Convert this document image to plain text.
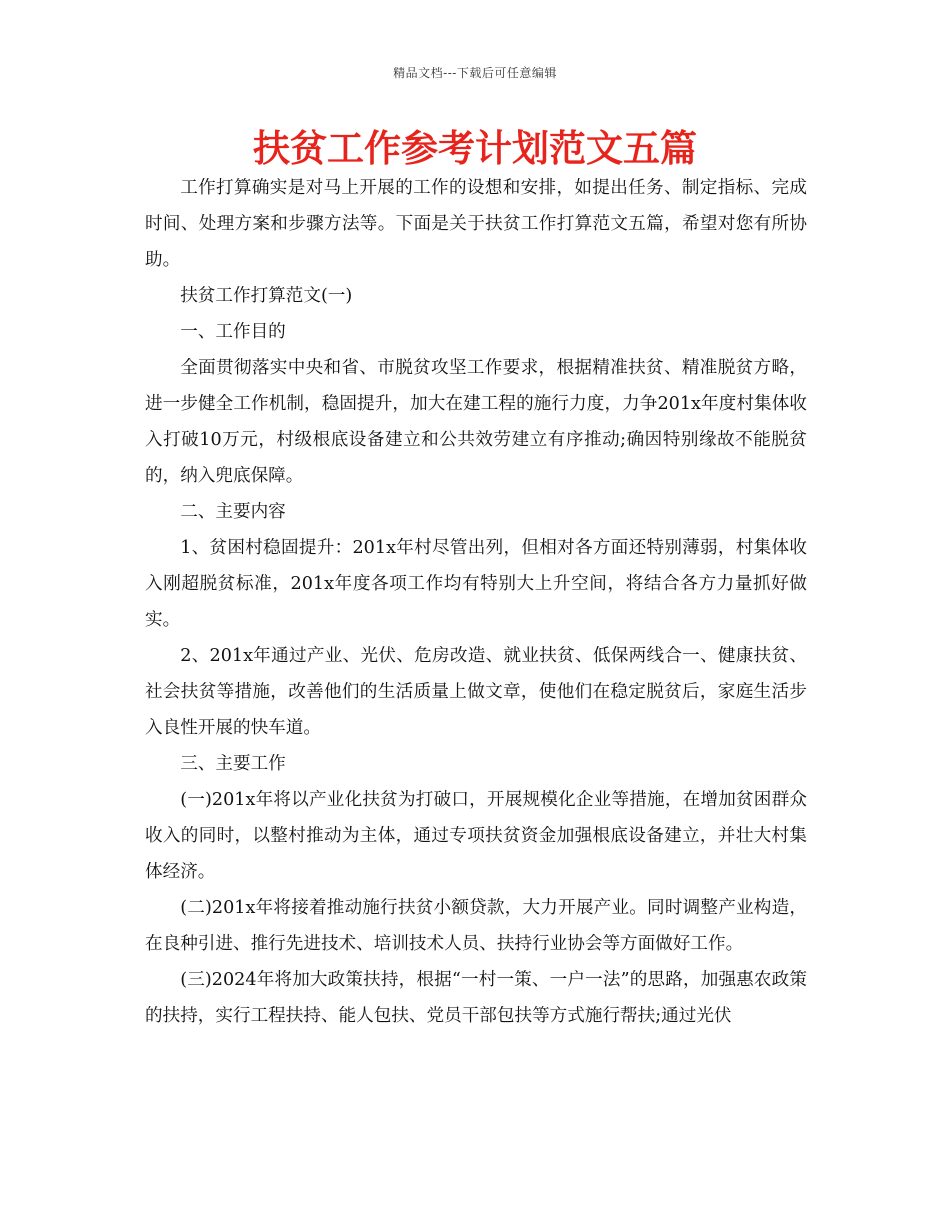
精品文档---下载后可任意编辑
扶贫工作参考计划范文五篇

工作打算确实是对马上开展的工作的设想和安排，如提出任务、制定指标、完成时间、处理方案和步骤方法等。下面是关于扶贫工作打算范文五篇，希望对您有所协助。

扶贫工作打算范文(一)

一、工作目的

全面贯彻落实中央和省、市脱贫攻坚工作要求，根据精准扶贫、精准脱贫方略，进一步健全工作机制，稳固提升，加大在建工程的施行力度，力争201x年度村集体收入打破10万元，村级根底设备建立和公共效劳建立有序推动;确因特别缘故不能脱贫的，纳入兜底保障。

二、主要内容

1、贫困村稳固提升：201x年村尽管出列，但相对各方面还特别薄弱，村集体收入刚超脱贫标准，201x年度各项工作均有特别大上升空间，将结合各方力量抓好做实。

2、201x年通过产业、光伏、危房改造、就业扶贫、低保两线合一、健康扶贫、社会扶贫等措施，改善他们的生活质量上做文章，使他们在稳定脱贫后，家庭生活步入良性开展的快车道。

三、主要工作

(一)201x年将以产业化扶贫为打破口，开展规模化企业等措施，在增加贫困群众收入的同时，以整村推动为主体，通过专项扶贫资金加强根底设备建立，并壮大村集体经济。

(二)201x年将接着推动施行扶贫小额贷款，大力开展产业。同时调整产业构造，在良种引进、推行先进技术、培训技术人员、扶持行业协会等方面做好工作。

(三)2024年将加大政策扶持，根据“一村一策、一户一法”的思路，加强惠农政策的扶持，实行工程扶持、能人包扶、党员干部包扶等方式施行帮扶;通过光伏
